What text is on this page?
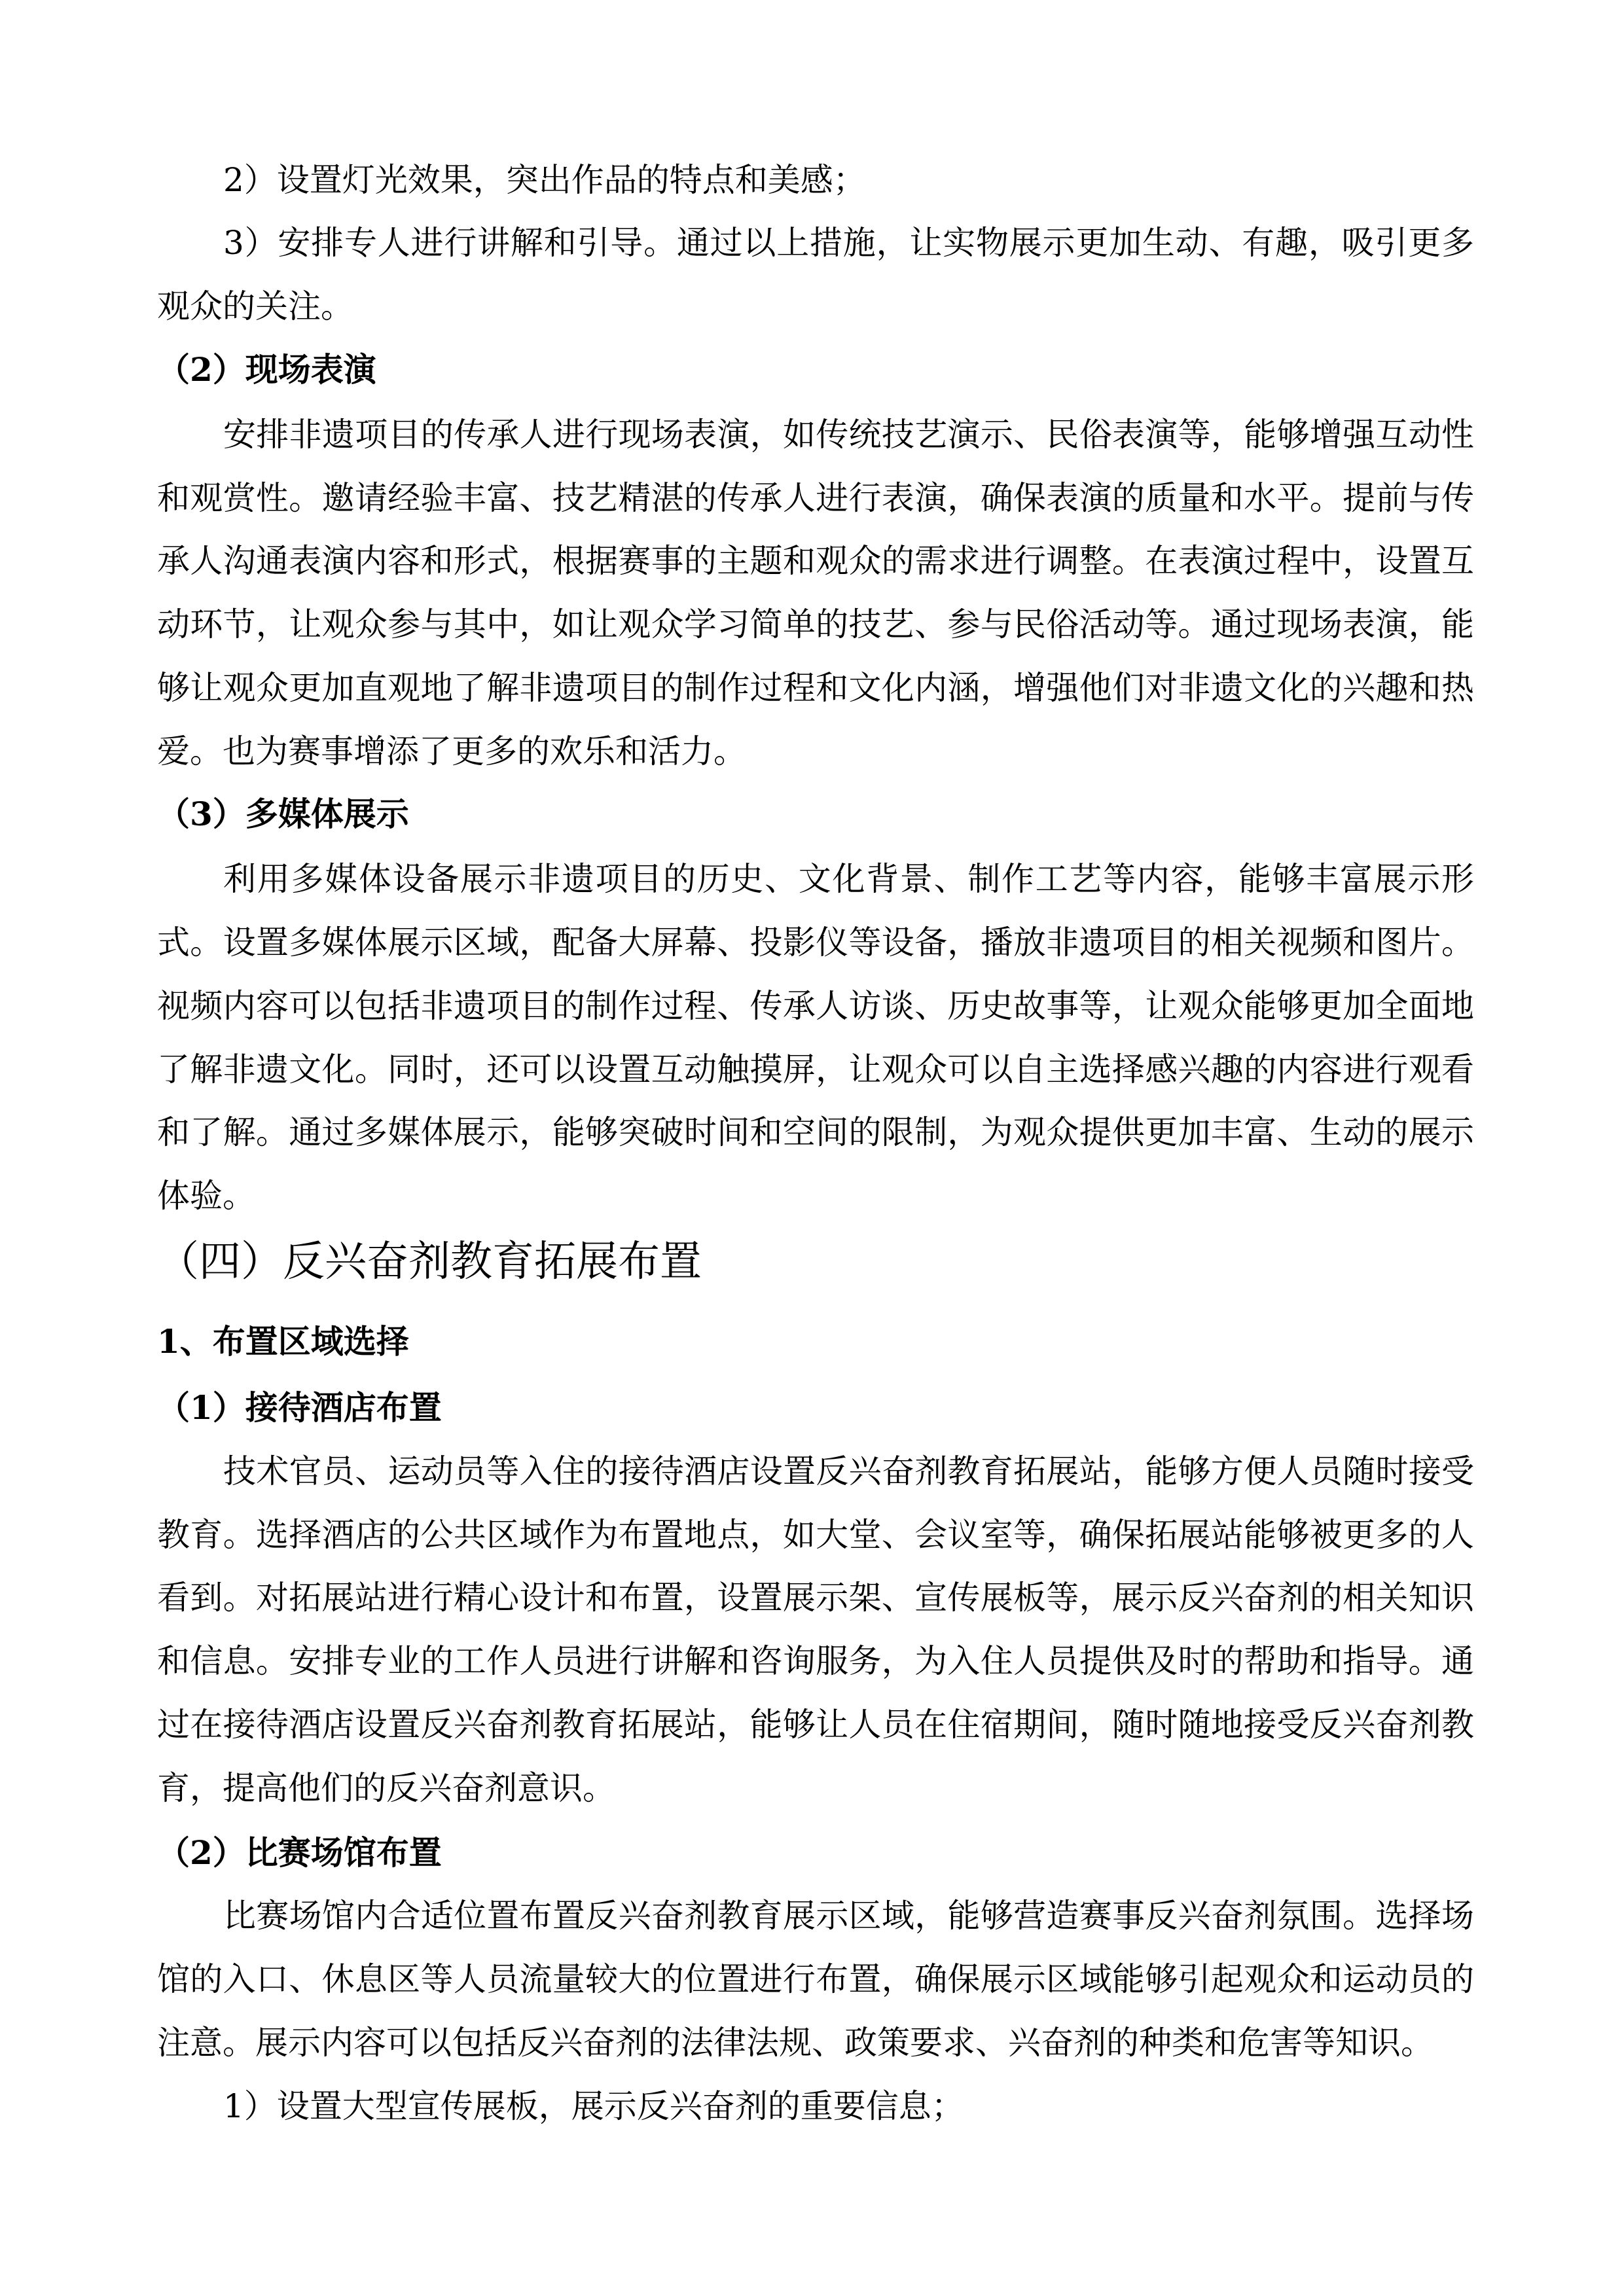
2）设置灯光效果，突出作品的特点和美感；
3）安排专人进行讲解和引导。通过以上措施，让实物展示更加生动、有趣，吸引更多
观众的关注。
（2）现场表演
安排非遗项目的传承人进行现场表演，如传统技艺演示、民俗表演等，能够增强互动性
和观赏性。邀请经验丰富、技艺精湛的传承人进行表演，确保表演的质量和水平。提前与传
承人沟通表演内容和形式，根据赛事的主题和观众的需求进行调整。在表演过程中，设置互
动环节，让观众参与其中，如让观众学习简单的技艺、参与民俗活动等。通过现场表演，能
够让观众更加直观地了解非遗项目的制作过程和文化内涵，增强他们对非遗文化的兴趣和热
爱。也为赛事增添了更多的欢乐和活力。
（3）多媒体展示
利用多媒体设备展示非遗项目的历史、文化背景、制作工艺等内容，能够丰富展示形
式。设置多媒体展示区域，配备大屏幕、投影仪等设备，播放非遗项目的相关视频和图片。
视频内容可以包括非遗项目的制作过程、传承人访谈、历史故事等，让观众能够更加全面地
了解非遗文化。同时，还可以设置互动触摸屏，让观众可以自主选择感兴趣的内容进行观看
和了解。通过多媒体展示，能够突破时间和空间的限制，为观众提供更加丰富、生动的展示
体验。
（四）反兴奋剂教育拓展布置
1、布置区域选择
（1）接待酒店布置
技术官员、运动员等入住的接待酒店设置反兴奋剂教育拓展站，能够方便人员随时接受
教育。选择酒店的公共区域作为布置地点，如大堂、会议室等，确保拓展站能够被更多的人
看到。对拓展站进行精心设计和布置，设置展示架、宣传展板等，展示反兴奋剂的相关知识
和信息。安排专业的工作人员进行讲解和咨询服务，为入住人员提供及时的帮助和指导。通
过在接待酒店设置反兴奋剂教育拓展站，能够让人员在住宿期间，随时随地接受反兴奋剂教
育，提高他们的反兴奋剂意识。
（2）比赛场馆布置
比赛场馆内合适位置布置反兴奋剂教育展示区域，能够营造赛事反兴奋剂氛围。选择场
馆的入口、休息区等人员流量较大的位置进行布置，确保展示区域能够引起观众和运动员的
注意。展示内容可以包括反兴奋剂的法律法规、政策要求、兴奋剂的种类和危害等知识。
1）设置大型宣传展板，展示反兴奋剂的重要信息；
